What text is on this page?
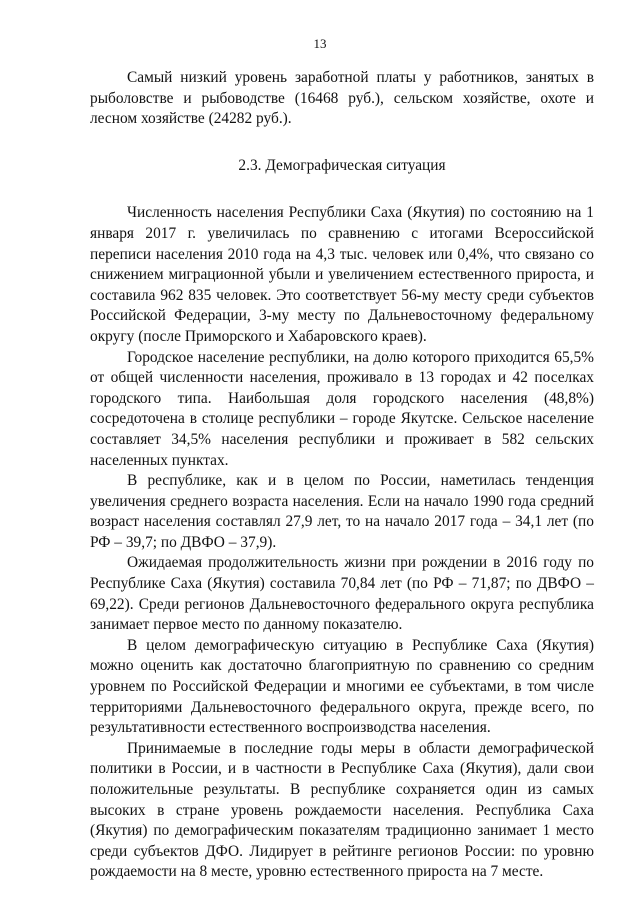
13

Самый низкий уровень заработной платы у работников, занятых в рыболовстве и рыбоводстве (16468 руб.), сельском хозяйстве, охоте и лесном хозяйстве (24282 руб.).

2.3. Демографическая ситуация

Численность населения Республики Саха (Якутия) по состоянию на 1 января 2017 г. увеличилась по сравнению с итогами Всероссийской переписи населения 2010 года на 4,3 тыс. человек или 0,4%, что связано со снижением миграционной убыли и увеличением естественного прироста, и составила 962 835 человек. Это соответствует 56-му месту среди субъектов Российской Федерации, 3-му месту по Дальневосточному федеральному округу (после Приморского и Хабаровского краев).

Городское население республики, на долю которого приходится 65,5% от общей численности населения, проживало в 13 городах и 42 поселках городского типа. Наибольшая доля городского населения (48,8%) сосредоточена в столице республики – городе Якутске. Сельское население составляет 34,5% населения республики и проживает в 582 сельских населенных пунктах.

В республике, как и в целом по России, наметилась тенденция увеличения среднего возраста населения. Если на начало 1990 года средний возраст населения составлял 27,9 лет, то на начало 2017 года – 34,1 лет (по РФ – 39,7; по ДВФО – 37,9).

Ожидаемая продолжительность жизни при рождении в 2016 году по Республике Саха (Якутия) составила 70,84 лет (по РФ – 71,87; по ДВФО – 69,22). Среди регионов Дальневосточного федерального округа республика занимает первое место по данному показателю.

В целом демографическую ситуацию в Республике Саха (Якутия) можно оценить как достаточно благоприятную по сравнению со средним уровнем по Российской Федерации и многими ее субъектами, в том числе территориями Дальневосточного федерального округа, прежде всего, по результативности естественного воспроизводства населения.

Принимаемые в последние годы меры в области демографической политики в России, и в частности в Республике Саха (Якутия), дали свои положительные результаты. В республике сохраняется один из самых высоких в стране уровень рождаемости населения. Республика Саха (Якутия) по демографическим показателям традиционно занимает 1 место среди субъектов ДФО. Лидирует в рейтинге регионов России: по уровню рождаемости на 8 месте, уровню естественного прироста на 7 месте.
